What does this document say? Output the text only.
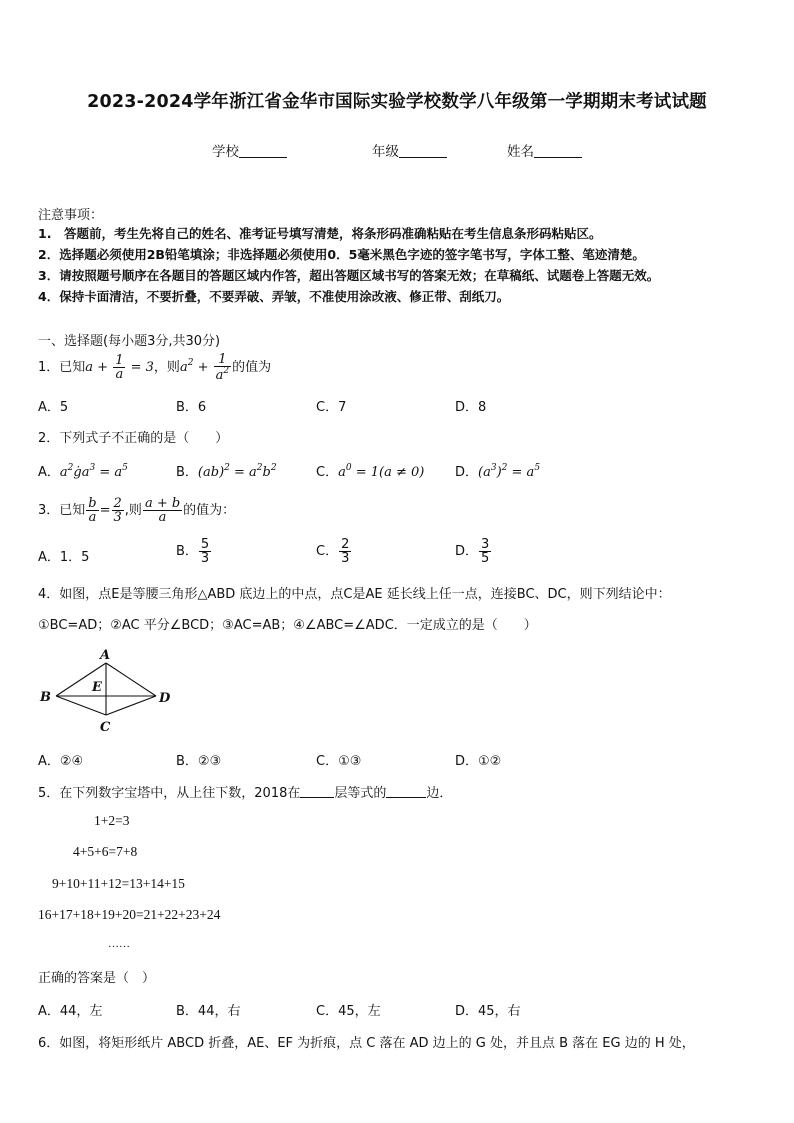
2023-2024学年浙江省金华市国际实验学校数学八年级第一学期期末考试试题
学校	年级	姓名
注意事项：
1.　答题前，考生先将自己的姓名、准考证号填写清楚，将条形码准确粘贴在考生信息条形码粘贴区。
2．选择题必须使用2B铅笔填涂；非选择题必须使用0．5毫米黑色字迹的签字笔书写，字体工整、笔迹清楚。
3．请按照题号顺序在各题目的答题区域内作答，超出答题区域书写的答案无效；在草稿纸、试题卷上答题无效。
4．保持卡面清洁，不要折叠，不要弄破、弄皱，不准使用涂改液、修正带、刮纸刀。
一、选择题(每小题3分,共30分)
1．已知$a + \frac{1}{a} = 3$，则$a^2 + \frac{1}{a^2}$ 的值为
A．5	B．6	C．7	D．8
2．下列式子不正确的是（　　）
A．$a^2ġa^3 = a^5$	B．$(ab)^2 = a^2b^2$	C．$a^0 = 1(a \ne 0)$ D．$(a^3)^2 = a^5$
3．已知 $\frac{b}{a} = \frac{2}{3}$ ,则 $\frac{a + b}{a}$ 的值为：
A．1．5	B． $\frac{5}{3}$	C． $\frac{2}{3}$	D． $\frac{3}{5}$
4．如图，点E是等腰三角形△ABD 底边上的中点，点C是AE 延长线上任一点，连接BC、DC，则下列结论中：
①BC=AD；②AC 平分∠BCD；③AC=AB；④∠ABC=∠ADC．一定成立的是（　　）
A
B
C
D
E
A．②④	B．②③	C．①③	D．①②
5．在下列数字宝塔中，从上往下数，2018在	层等式的	边．
1+2=3
4+5+6=7+8
9+10+11+12=13+14+15
16+17+18+19+20=21+22+23+24
……
正确的答案是（　）
A．44，左	B．44，右	C．45，左	D．45，右
6．如图，将矩形纸片 ABCD 折叠，AE、EF 为折痕，点 C 落在 AD 边上的 G 处，并且点 B 落在 EG 边的 H 处，
